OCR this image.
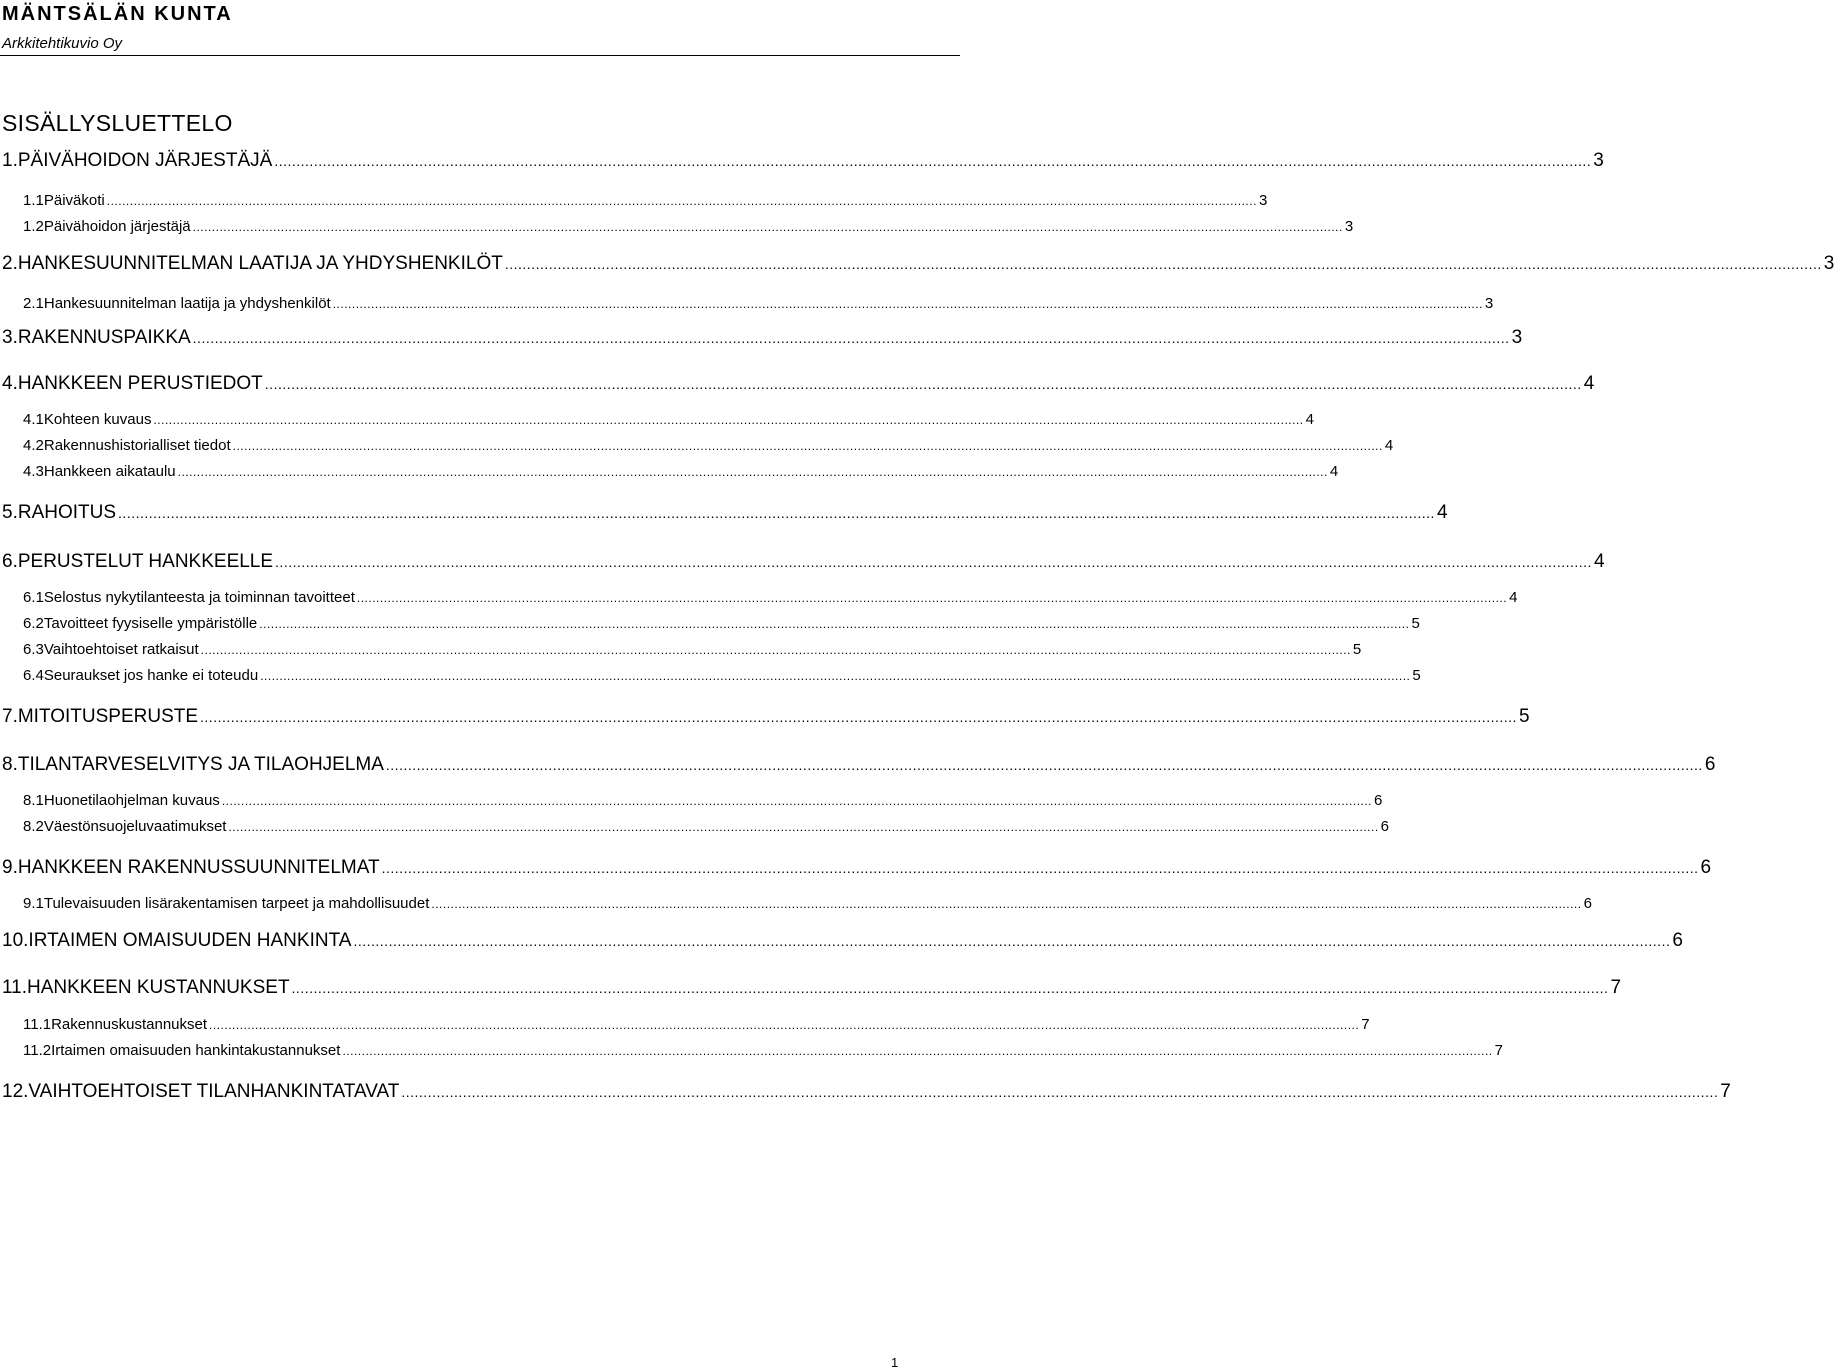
MÄNTSÄLÄN KUNTA
Arkkitehtikuvio Oy
SISÄLLYSLUETTELO
1. PÄIVÄHOIDON JÄRJESTÄJÄ ............................................................................................................................................................................................................................................................................................................ 3
1.1 Päiväkoti ............................................................................................................................................................................................................................................................................................................ 3
1.2 Päivähoidon järjestäjä ............................................................................................................................................................................................................................................................................................................ 3
2. HANKESUUNNITELMAN LAATIJA JA YHDYSHENKILÖT ............................................................................................................................................................................................................................................................................................................ 3
2.1 Hankesuunnitelman laatija ja yhdyshenkilöt ............................................................................................................................................................................................................................................................................................................ 3
3. RAKENNUSPAIKKA ............................................................................................................................................................................................................................................................................................................ 3
4. HANKKEEN PERUSTIEDOT ............................................................................................................................................................................................................................................................................................................ 4
4.1 Kohteen kuvaus ............................................................................................................................................................................................................................................................................................................ 4
4.2 Rakennushistorialliset tiedot ............................................................................................................................................................................................................................................................................................................ 4
4.3 Hankkeen aikataulu ............................................................................................................................................................................................................................................................................................................ 4
5. RAHOITUS ............................................................................................................................................................................................................................................................................................................ 4
6. PERUSTELUT HANKKEELLE ............................................................................................................................................................................................................................................................................................................ 4
6.1 Selostus nykytilanteesta ja toiminnan tavoitteet ............................................................................................................................................................................................................................................................................................................ 4
6.2 Tavoitteet fyysiselle ympäristölle ............................................................................................................................................................................................................................................................................................................ 5
6.3 Vaihtoehtoiset ratkaisut ............................................................................................................................................................................................................................................................................................................ 5
6.4 Seuraukset jos hanke ei toteudu ............................................................................................................................................................................................................................................................................................................ 5
7. MITOITUSPERUSTE ............................................................................................................................................................................................................................................................................................................ 5
8. TILANTARVESELVITYS JA TILAOHJELMA ............................................................................................................................................................................................................................................................................................................ 6
8.1 Huonetilaohjelman kuvaus ............................................................................................................................................................................................................................................................................................................ 6
8.2 Väestönsuojeluvaatimukset ............................................................................................................................................................................................................................................................................................................ 6
9. HANKKEEN RAKENNUSSUUNNITELMAT ............................................................................................................................................................................................................................................................................................................ 6
9.1 Tulevaisuuden lisärakentamisen tarpeet ja mahdollisuudet ............................................................................................................................................................................................................................................................................................................ 6
10. IRTAIMEN OMAISUUDEN HANKINTA ............................................................................................................................................................................................................................................................................................................ 6
11. HANKKEEN KUSTANNUKSET ............................................................................................................................................................................................................................................................................................................ 7
11.1 Rakennuskustannukset ............................................................................................................................................................................................................................................................................................................ 7
11.2 Irtaimen omaisuuden hankintakustannukset ............................................................................................................................................................................................................................................................................................................ 7
12. VAIHTOEHTOISET TILANHANKINTATAVAT ............................................................................................................................................................................................................................................................................................................ 7
1
